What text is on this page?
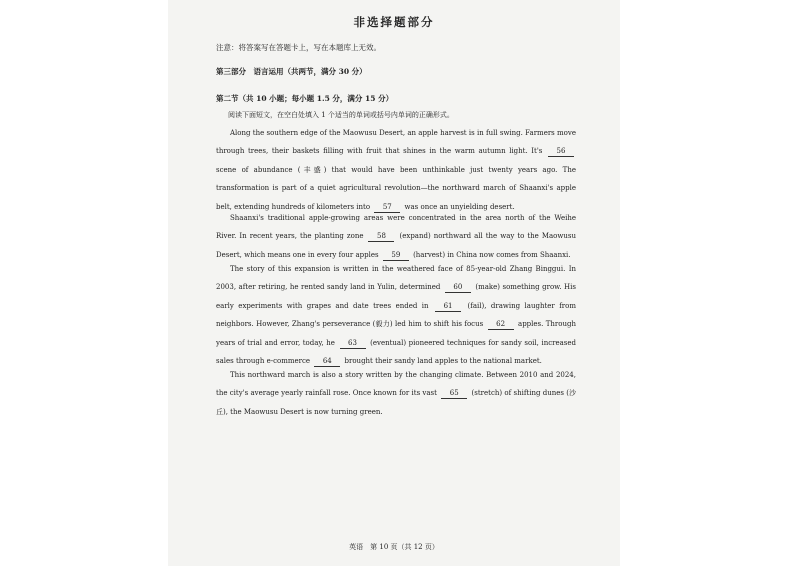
非选择题部分
注意：将答案写在答题卡上，写在本题库上无效。
第三部分　语言运用（共两节，满分 30 分）
第二节（共 10 小题；每小题 1.5 分，满分 15 分）
阅读下面短文，在空白处填入 1 个适当的单词或括号内单词的正确形式。
Along the southern edge of the Maowusu Desert, an apple harvest is in full swing. Farmers move through trees, their baskets filling with fruit that shines in the warm autumn light. It's 56 scene of abundance (丰盛) that would have been unthinkable just twenty years ago. The transformation is part of a quiet agricultural revolution—the northward march of Shaanxi's apple belt, extending hundreds of kilometers into 57 was once an unyielding desert.
Shaanxi's traditional apple-growing areas were concentrated in the area north of the Weihe River. In recent years, the planting zone 58 (expand) northward all the way to the Maowusu Desert, which means one in every four apples 59 (harvest) in China now comes from Shaanxi.
The story of this expansion is written in the weathered face of 85-year-old Zhang Binggui. In 2003, after retiring, he rented sandy land in Yulin, determined 60 (make) something grow. His early experiments with grapes and date trees ended in 61 (fail), drawing laughter from neighbors. However, Zhang's perseverance (毅力) led him to shift his focus 62 apples. Through years of trial and error, today, he 63 (eventual) pioneered techniques for sandy soil, increased sales through e-commerce 64 brought their sandy land apples to the national market.
This northward march is also a story written by the changing climate. Between 2010 and 2024, the city's average yearly rainfall rose. Once known for its vast 65 (stretch) of shifting dunes (沙丘), the Maowusu Desert is now turning green.
英语　第 10 页（共 12 页）
